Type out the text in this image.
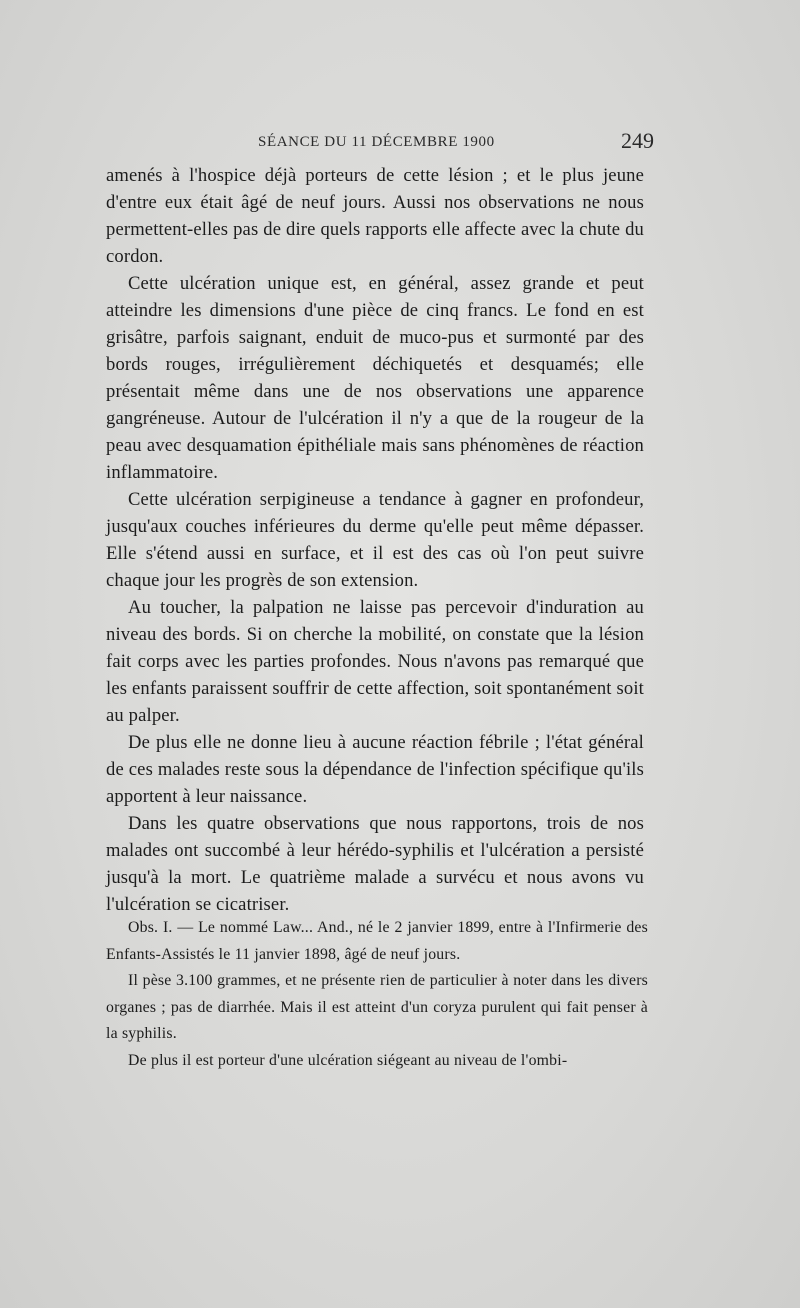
SÉANCE DU 11 DÉCEMBRE 1900	249

amenés à l'hospice déjà porteurs de cette lésion ; et le plus jeune d'entre eux était âgé de neuf jours. Aussi nos observations ne nous permettent-elles pas de dire quels rapports elle affecte avec la chute du cordon.

Cette ulcération unique est, en général, assez grande et peut atteindre les dimensions d'une pièce de cinq francs. Le fond en est grisâtre, parfois saignant, enduit de muco-pus et surmonté par des bords rouges, irrégulièrement déchiquetés et desquamés; elle présentait même dans une de nos observations une apparence gangréneuse. Autour de l'ulcération il n'y a que de la rougeur de la peau avec desquamation épithéliale mais sans phénomènes de réaction inflammatoire.

Cette ulcération serpigineuse a tendance à gagner en profondeur, jusqu'aux couches inférieures du derme qu'elle peut même dépasser. Elle s'étend aussi en surface, et il est des cas où l'on peut suivre chaque jour les progrès de son extension.

Au toucher, la palpation ne laisse pas percevoir d'induration au niveau des bords. Si on cherche la mobilité, on constate que la lésion fait corps avec les parties profondes. Nous n'avons pas remarqué que les enfants paraissent souffrir de cette affection, soit spontanément soit au palper.

De plus elle ne donne lieu à aucune réaction fébrile ; l'état général de ces malades reste sous la dépendance de l'infection spécifique qu'ils apportent à leur naissance.

Dans les quatre observations que nous rapportons, trois de nos malades ont succombé à leur hérédo-syphilis et l'ulcération a persisté jusqu'à la mort. Le quatrième malade a survécu et nous avons vu l'ulcération se cicatriser.

Obs. I. — Le nommé Law... And., né le 2 janvier 1899, entre à l'Infirmerie des Enfants-Assistés le 11 janvier 1898, âgé de neuf jours.

Il pèse 3.100 grammes, et ne présente rien de particulier à noter dans les divers organes ; pas de diarrhée. Mais il est atteint d'un coryza purulent qui fait penser à la syphilis.

De plus il est porteur d'une ulcération siégeant au niveau de l'ombi-
